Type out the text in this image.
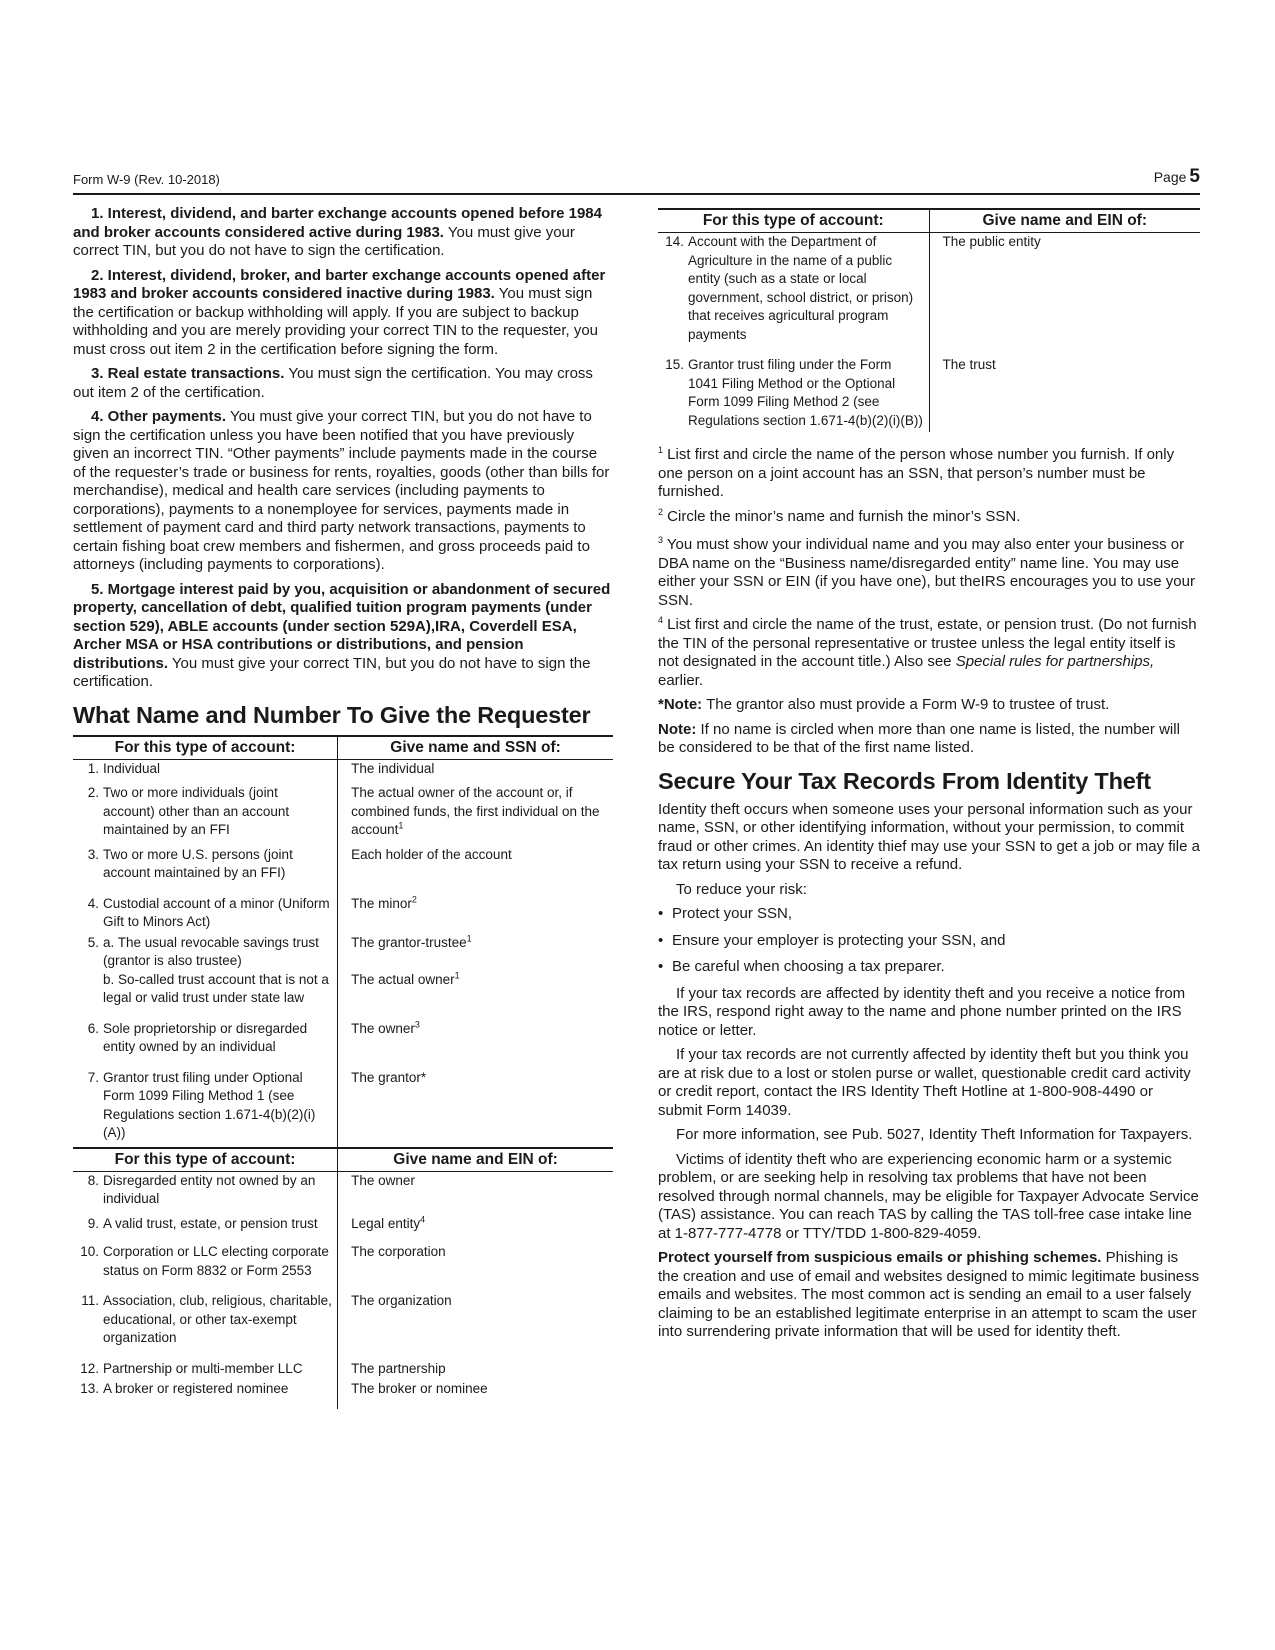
Form W-9 (Rev. 10-2018)	Page 5

1. Interest, dividend, and barter exchange accounts opened before 1984 and broker accounts considered active during 1983. You must give your correct TIN, but you do not have to sign the certification.

2. Interest, dividend, broker, and barter exchange accounts opened after 1983 and broker accounts considered inactive during 1983. You must sign the certification or backup withholding will apply. If you are subject to backup withholding and you are merely providing your correct TIN to the requester, you must cross out item 2 in the certification before signing the form.

3. Real estate transactions. You must sign the certification. You may cross out item 2 of the certification.

4. Other payments. You must give your correct TIN, but you do not have to sign the certification unless you have been notified that you have previously given an incorrect TIN. “Other payments” include payments made in the course of the requester’s trade or business for rents, royalties, goods (other than bills for merchandise), medical and health care services (including payments to corporations), payments to a nonemployee for services, payments made in settlement of payment card and third party network transactions, payments to certain fishing boat crew members and fishermen, and gross proceeds paid to attorneys (including payments to corporations).

5. Mortgage interest paid by you, acquisition or abandonment of secured property, cancellation of debt, qualified tuition program payments (under section 529), ABLE accounts (under section 529A),IRA, Coverdell ESA, Archer MSA or HSA contributions or distributions, and pension distributions. You must give your correct TIN, but you do not have to sign the certification.

What Name and Number To Give the Requester
For this type of account:	Give name and SSN of:

1. Individual	The individual

2. Two or more individuals (joint account) other than an account maintained by an FFI	The actual owner of the account or, if combined funds, the first individual on the account$^1$

3. Two or more U.S. persons (joint account maintained by an FFI)	Each holder of the account

4. Custodial account of a minor (Uniform Gift to Minors Act)	The minor$^2$

5. a. The usual revocable savings trust (grantor is also trustee)	The grantor-trustee$^1$

b. So-called trust account that is not a legal or valid trust under state law	The actual owner$^1$

6. Sole proprietorship or disregarded entity owned by an individual	The owner$^3$

7. Grantor trust filing under Optional Form 1099 Filing Method 1 (see Regulations section 1.671-4(b)(2)(i)(A))	The grantor*
For this type of account:	Give name and EIN of:

8. Disregarded entity not owned by an individual	The owner

9. A valid trust, estate, or pension trust	Legal entity$^4$

10. Corporation or LLC electing corporate status on Form 8832 or Form 2553	The corporation

11. Association, club, religious, charitable, educational, or other tax-exempt organization	The organization

12. Partnership or multi-member LLC	The partnership

13. A broker or registered nominee	The broker or nominee
For this type of account:	Give name and EIN of:

14. Account with the Department of Agriculture in the name of a public entity (such as a state or local government, school district, or prison) that receives agricultural program payments	The public entity

15. Grantor trust filing under the Form 1041 Filing Method or the Optional Form 1099 Filing Method 2 (see Regulations section 1.671-4(b)(2)(i)(B))	The trust

$^1$ List first and circle the name of the person whose number you furnish. If only one person on a joint account has an SSN, that person’s number must be furnished.

$^2$ Circle the minor’s name and furnish the minor’s SSN.

$^3$ You must show your individual name and you may also enter your business or DBA name on the “Business name/disregarded entity” name line. You may use either your SSN or EIN (if you have one), but theIRS encourages you to use your SSN.

$^4$ List first and circle the name of the trust, estate, or pension trust. (Do not furnish the TIN of the personal representative or trustee unless the legal entity itself is not designated in the account title.) Also see Special rules for partnerships, earlier.

*Note: The grantor also must provide a Form W-9 to trustee of trust.

Note: If no name is circled when more than one name is listed, the number will be considered to be that of the first name listed.

Secure Your Tax Records From Identity Theft

Identity theft occurs when someone uses your personal information such as your name, SSN, or other identifying information, without your permission, to commit fraud or other crimes. An identity thief may use your SSN to get a job or may file a tax return using your SSN to receive a refund.

To reduce your risk:

• Protect your SSN,
• Ensure your employer is protecting your SSN, and
• Be careful when choosing a tax preparer.

If your tax records are affected by identity theft and you receive a notice from the IRS, respond right away to the name and phone number printed on the IRS notice or letter.

If your tax records are not currently affected by identity theft but you think you are at risk due to a lost or stolen purse or wallet, questionable credit card activity or credit report, contact the IRS Identity Theft Hotline at 1-800-908-4490 or submit Form 14039.

For more information, see Pub. 5027, Identity Theft Information for Taxpayers.

Victims of identity theft who are experiencing economic harm or a systemic problem, or are seeking help in resolving tax problems that have not been resolved through normal channels, may be eligible for Taxpayer Advocate Service (TAS) assistance. You can reach TAS by calling the TAS toll-free case intake line at 1-877-777-4778 or TTY/TDD 1-800-829-4059.

Protect yourself from suspicious emails or phishing schemes. Phishing is the creation and use of email and websites designed to mimic legitimate business emails and websites. The most common act is sending an email to a user falsely claiming to be an established legitimate enterprise in an attempt to scam the user into surrendering private information that will be used for identity theft.
